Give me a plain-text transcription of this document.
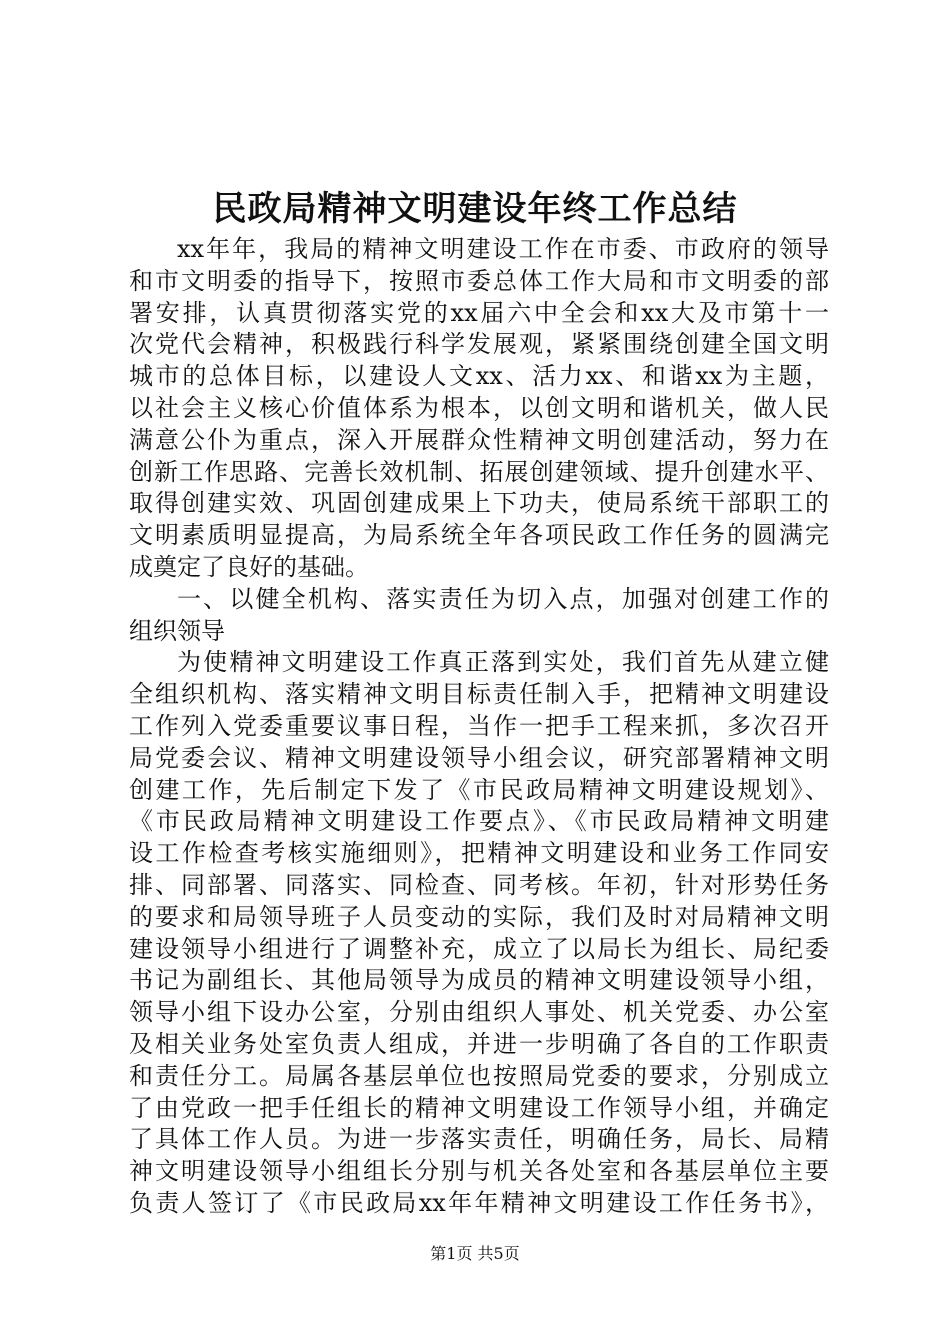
民政局精神文明建设年终工作总结
xx年年，我局的精神文明建设工作在市委、市政府的领导
和市文明委的指导下，按照市委总体工作大局和市文明委的部
署安排，认真贯彻落实党的xx届六中全会和xx大及市第十一
次党代会精神，积极践行科学发展观，紧紧围绕创建全国文明
城市的总体目标，以建设人文xx、活力xx、和谐xx为主题，
以社会主义核心价值体系为根本，以创文明和谐机关，做人民
满意公仆为重点，深入开展群众性精神文明创建活动，努力在
创新工作思路、完善长效机制、拓展创建领域、提升创建水平、
取得创建实效、巩固创建成果上下功夫，使局系统干部职工的
文明素质明显提高，为局系统全年各项民政工作任务的圆满完
成奠定了良好的基础。
一、以健全机构、落实责任为切入点，加强对创建工作的
组织领导
为使精神文明建设工作真正落到实处，我们首先从建立健
全组织机构、落实精神文明目标责任制入手，把精神文明建设
工作列入党委重要议事日程，当作一把手工程来抓，多次召开
局党委会议、精神文明建设领导小组会议，研究部署精神文明
创建工作，先后制定下发了《市民政局精神文明建设规划》、
《市民政局精神文明建设工作要点》、《市民政局精神文明建
设工作检查考核实施细则》，把精神文明建设和业务工作同安
排、同部署、同落实、同检查、同考核。年初，针对形势任务
的要求和局领导班子人员变动的实际，我们及时对局精神文明
建设领导小组进行了调整补充，成立了以局长为组长、局纪委
书记为副组长、其他局领导为成员的精神文明建设领导小组，
领导小组下设办公室，分别由组织人事处、机关党委、办公室
及相关业务处室负责人组成，并进一步明确了各自的工作职责
和责任分工。局属各基层单位也按照局党委的要求，分别成立
了由党政一把手任组长的精神文明建设工作领导小组，并确定
了具体工作人员。为进一步落实责任，明确任务，局长、局精
神文明建设领导小组组长分别与机关各处室和各基层单位主要
负责人签订了《市民政局xx年年精神文明建设工作任务书》，
第1页 共5页
